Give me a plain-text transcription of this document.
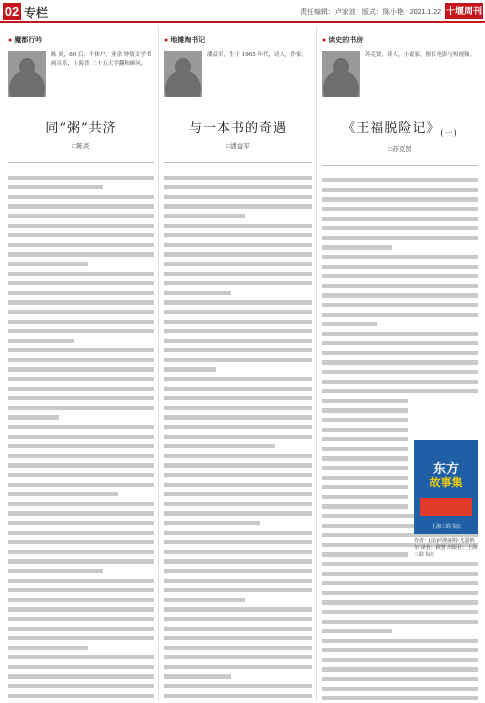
02 专栏	责任编辑：卢家波 版式：陈小艳 2021.1.22 十堰周刊
● 魔都行吟
陈 炎，60 后，个体户，业余 钟情文学书画音乐，上海普 二十五大学翻和顾问。
同“粥”共济
□陈炎
● 地摊淘书记
潘益军，生于 1965 年代，诗人，作家。
与一本书的奇遇
□潘益军
● 读史的书房
苏克贤，读人，小说家，擅长电影与短视频。
《王福脱险记》$_{(一)}$
□苏克贤
东方
故事集
上海三联书店
作者：[法]玛格丽特·尤瑟纳尔 译者：顾慧 出版社：上海三联书店
